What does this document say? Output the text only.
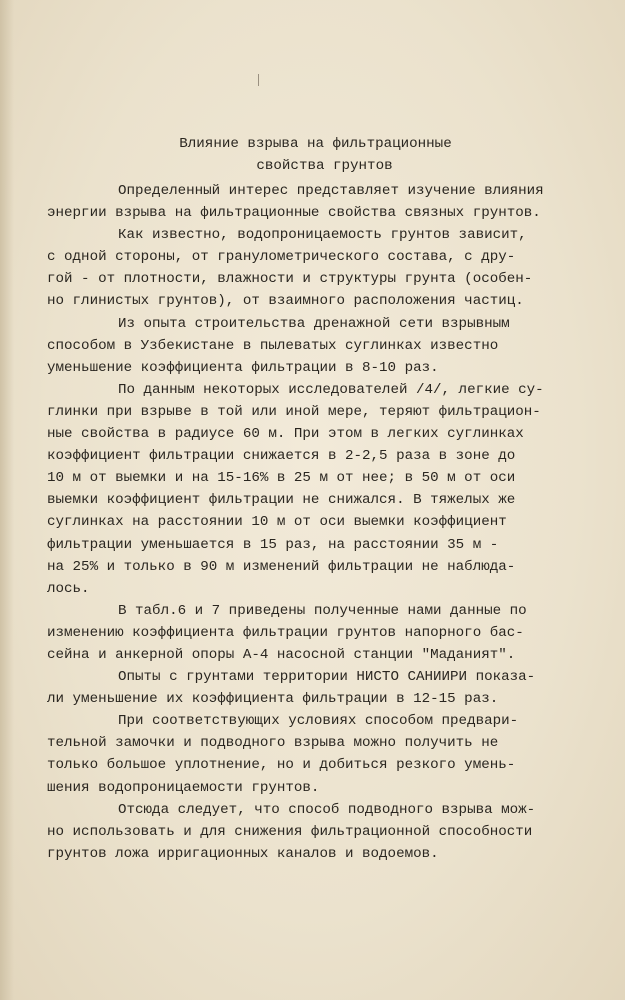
Влияние взрыва на фильтрационные
свойства грунтов
Определенный интерес представляет изучение влияния
энергии взрыва на фильтрационные свойства связных грунтов.
Как известно, водопроницаемость грунтов зависит,
с одной стороны, от гранулометрического состава, с дру-
гой - от плотности, влажности и структуры грунта (особен-
но глинистых грунтов), от взаимного расположения частиц.
Из опыта строительства дренажной сети взрывным
способом в Узбекистане в пылеватых суглинках известно
уменьшение коэффициента фильтрации в 8-10 раз.
По данным некоторых исследователей /4/, легкие су-
глинки при взрыве в той или иной мере, теряют фильтрацион-
ные свойства в радиусе 60 м. При этом в легких суглинках
коэффициент фильтрации снижается в 2-2,5 раза в зоне до
10 м от выемки и на 15-16% в 25 м от нее; в 50 м от оси
выемки коэффициент фильтрации не снижался. В тяжелых же
суглинках на расстоянии 10 м от оси выемки коэффициент
фильтрации уменьшается в 15 раз, на расстоянии 35 м -
на 25% и только в 90 м изменений фильтрации не наблюда-
лось.
В табл.6 и 7 приведены полученные нами данные по
изменению коэффициента фильтрации грунтов напорного бас-
сейна и анкерной опоры А-4 насосной станции "Маданият".
Опыты с грунтами территории НИСТО САНИИРИ показа-
ли уменьшение их коэффициента фильтрации в 12-15 раз.
При соответствующих условиях способом предвари-
тельной замочки и подводного взрыва можно получить не
только большое уплотнение, но и добиться резкого умень-
шения водопроницаемости грунтов.
Отсюда следует, что способ подводного взрыва мож-
но использовать и для снижения фильтрационной способности
грунтов ложа ирригационных каналов и водоемов.
